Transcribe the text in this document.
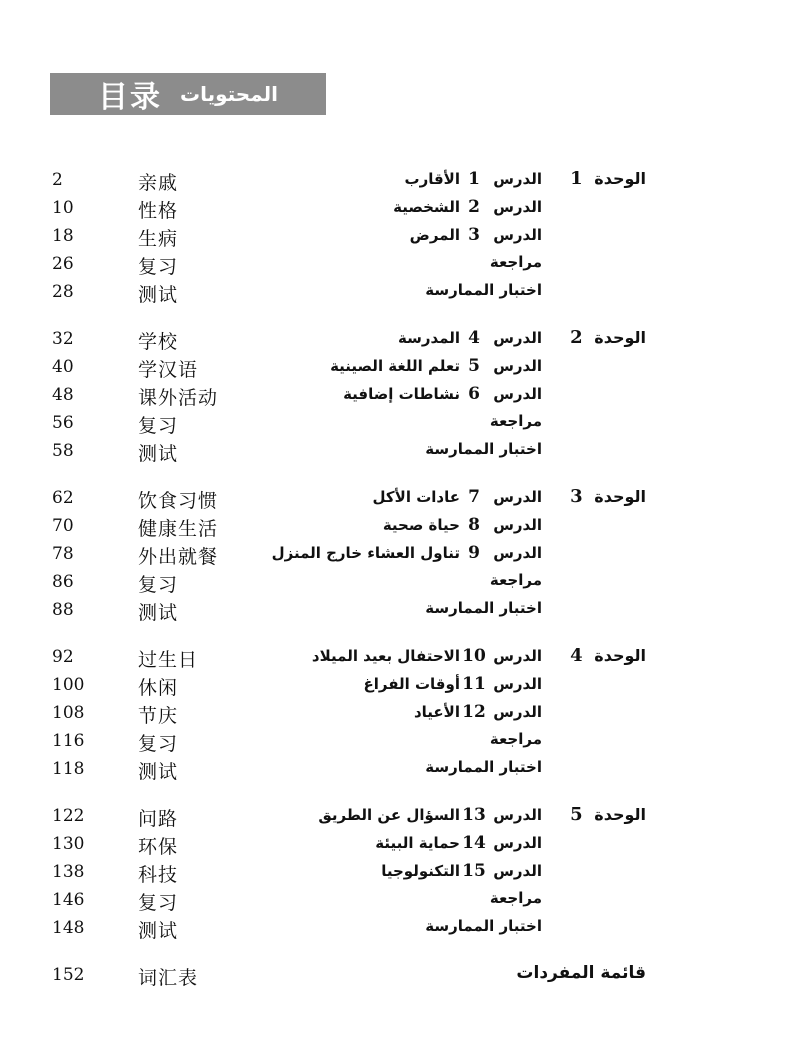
目录 المحتويات
2	亲戚	الدرس 1الأقارب	الوحدة 1
10	性格	الدرس 2الشخصية
18	生病	الدرس 3المرض
26	复习	مراجعة
28	测试	اختبار الممارسة
32	学校	الدرس 4المدرسة	الوحدة 2
40	学汉语	الدرس 5تعلم اللغة الصينية
48	课外活动	الدرس 6نشاطات إضافية
56	复习	مراجعة
58	测试	اختبار الممارسة
62	饮食习惯	الدرس 7عادات الأكل	الوحدة 3
70	健康生活	الدرس 8حياة صحية
78	外出就餐	الدرس 9تناول العشاء خارج المنزل
86	复习	مراجعة
88	测试	اختبار الممارسة
92	过生日	الدرس 10الاحتفال بعيد الميلاد	الوحدة 4
100	休闲	الدرس 11أوقات الفراغ
108	节庆	الدرس 12الأعياد
116	复习	مراجعة
118	测试	اختبار الممارسة
122	问路	الدرس 13السؤال عن الطريق	الوحدة 5
130	环保	الدرس 14حماية البيئة
138	科技	الدرس 15التكنولوجيا
146	复习	مراجعة
148	测试	اختبار الممارسة
152	词汇表	قائمة المفردات
